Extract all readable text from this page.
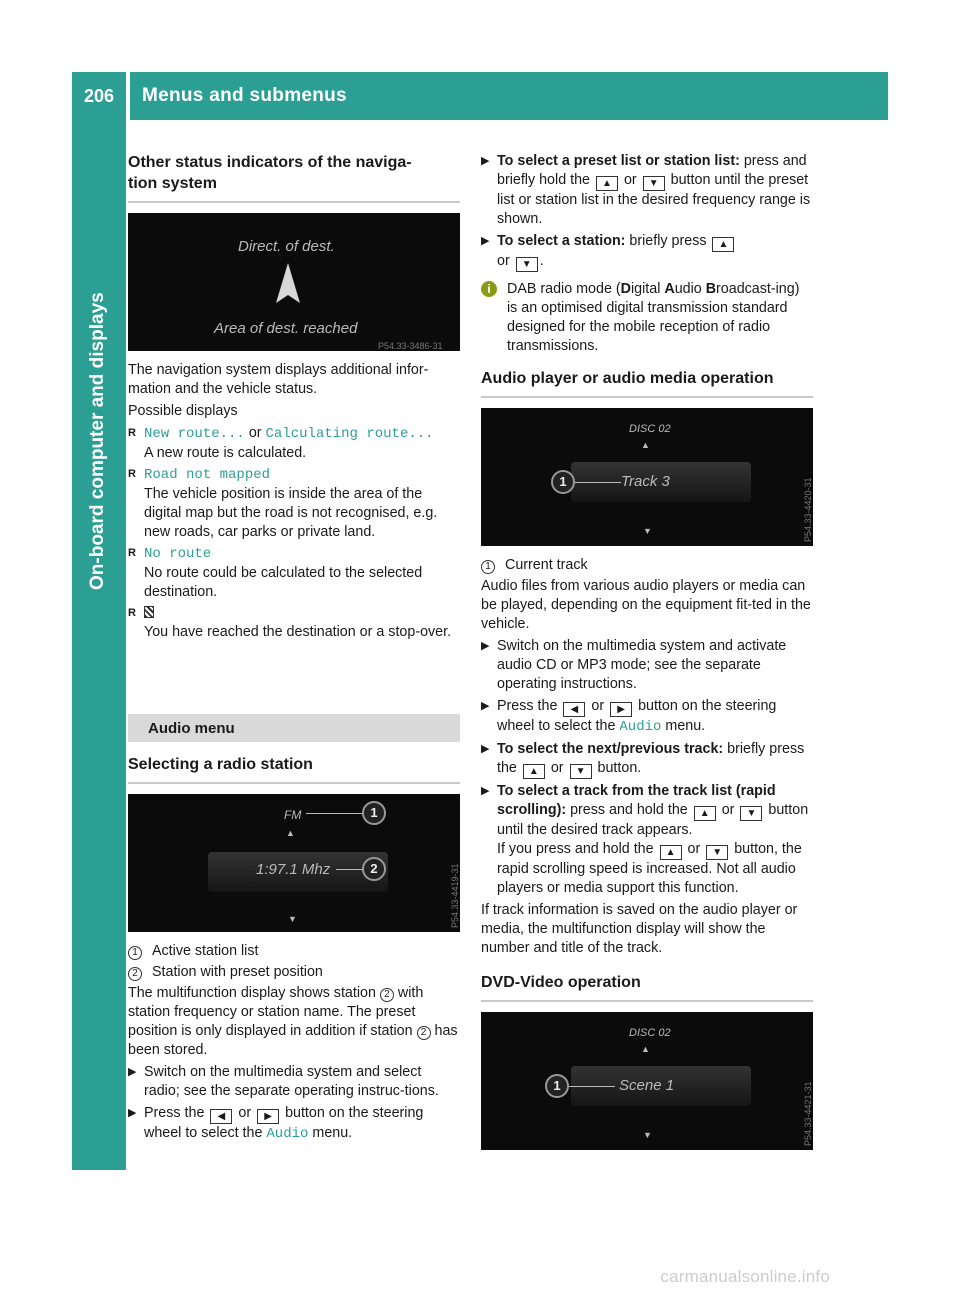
206	Menus and submenus
On-board computer and displays
Other status indicators of the naviga-
tion system
Direct. of dest.
Area of dest. reached
P54.33-3486-31

The navigation system displays additional infor-
mation and the vehicle status.

Possible displays

R New route... or Calculating route...
A new route is calculated.
R Road not mapped
The vehicle position is inside the area of the digital map but the road is not recognised, e.g. new roads, car parks or private land.
R No route
No route could be calculated to the selected destination.
R

You have reached the destination or a stop-over.
Audio menu
Selecting a radio station
FM
▲
1
1:97.1 Mhz	2
▼	P54.33-4419-31
1 Active station list
2 Station with preset position

The multifunction display shows station 2 with station frequency or station name. The preset position is only displayed in addition if station 2 has been stored.

▶ Switch on the multimedia system and select radio; see the separate operating instruc-tions.
▶ Press the ◀ or ▶ button on the steering wheel to select the Audio menu.
▶ To select a preset list or station list: press and briefly hold the ▲ or ▼ button until the preset list or station list in the desired frequency range is shown.
▶ To select a station: briefly press ▲
or ▼ .
i	DAB radio mode (Digital Audio Broadcast-ing) is an optimised digital transmission standard designed for the mobile reception of radio transmissions.
Audio player or audio media operation
DISC 02
▲
1	Track 3
▼	P54.33-4420-31
1 Current track

Audio files from various audio players or media can be played, depending on the equipment fit-ted in the vehicle.

▶ Switch on the multimedia system and activate audio CD or MP3 mode; see the separate operating instructions.
▶ Press the ◀ or ▶ button on the steering wheel to select the Audio menu.
▶ To select the next/previous track: briefly press the ▲ or ▼ button.
▶ To select a track from the track list (rapid scrolling): press and hold the ▲ or ▼ button until the desired track appears.
If you press and hold the ▲ or ▼ button, the rapid scrolling speed is increased. Not all audio players or media support this function.

If track information is saved on the audio player or media, the multifunction display will show the number and title of the track.

DVD-Video operation
DISC 02
▲
1	Scene 1
▼	P54.33-4421-31
carmanualsonline.info
